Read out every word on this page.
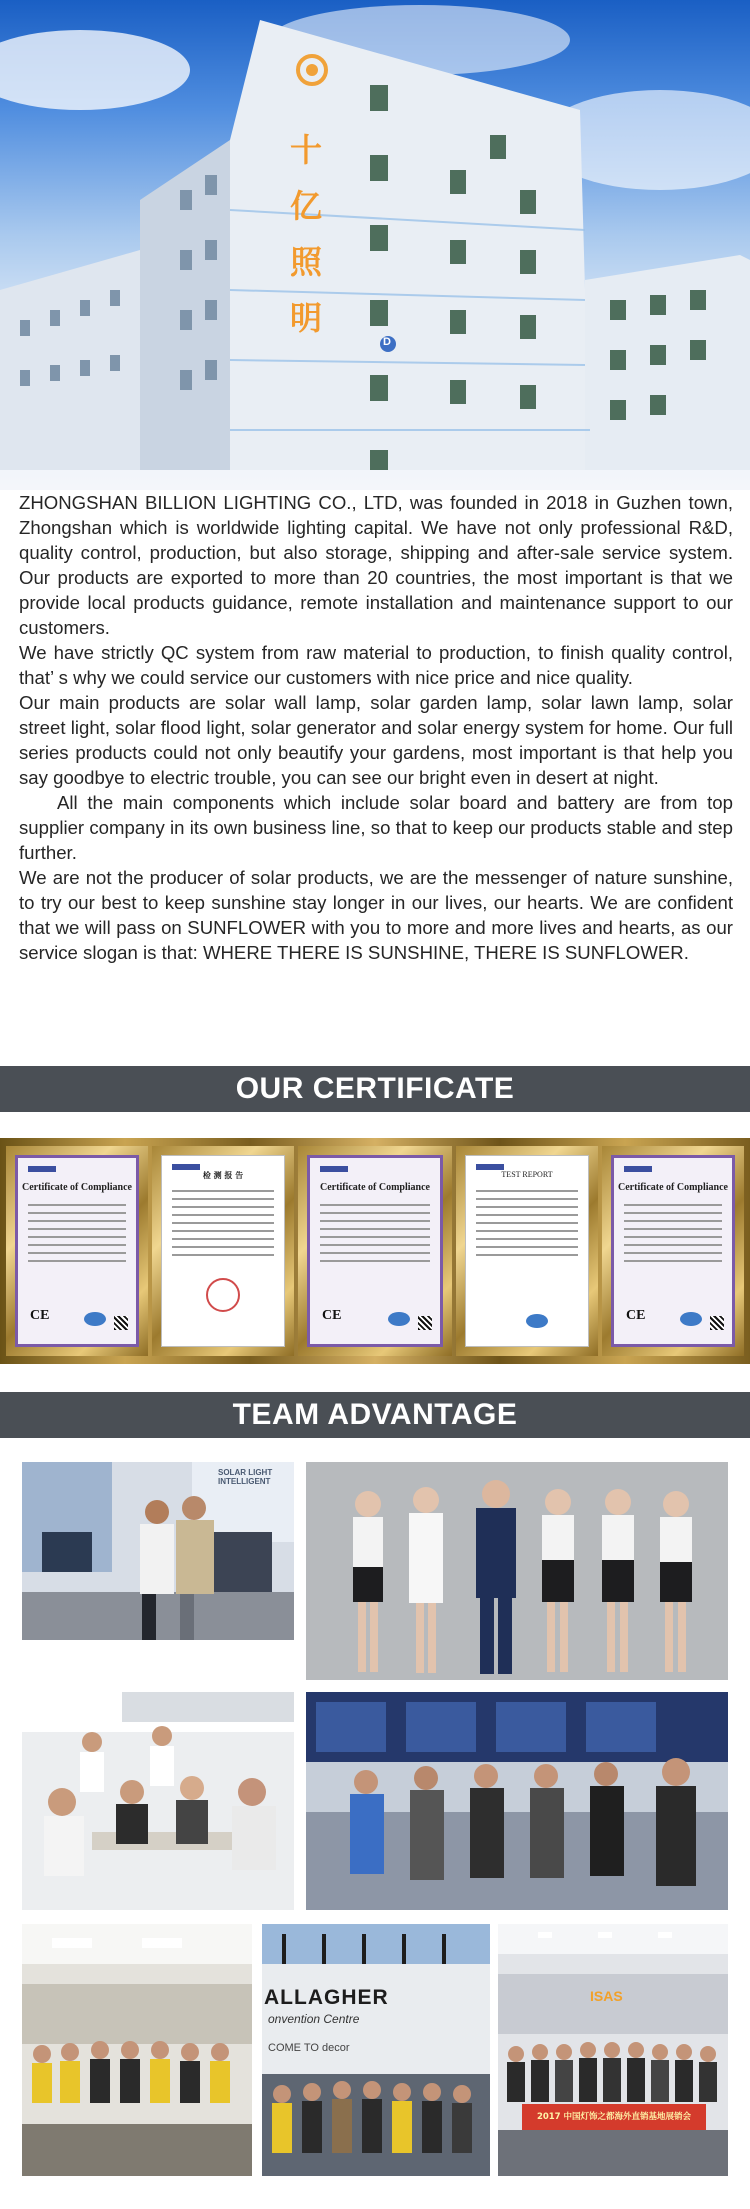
十
亿
照
明
D

ZHONGSHAN BILLION LIGHTING CO., LTD, was founded in 2018 in Guzhen town, Zhongshan which is worldwide lighting capital. We have not only professional R&D, quality control, production, but also storage, shipping and after-sale service system. Our products are exported to more than 20 countries, the most important is that we provide local products guidance, remote installation and maintenance support to our customers.

We have strictly QC system from raw material to production, to finish quality control, that’ s why we could service our customers with nice price and nice quality.

Our main products are solar wall lamp, solar garden lamp, solar lawn lamp, solar street light, solar flood light, solar generator and solar energy system for home. Our full series products could not only beautify your gardens, most important is that help you say goodbye to electric trouble, you can see our bright even in desert at night.

All the main components which include solar board and battery are from top supplier company in its own business line, so that to keep our products stable and step further.

We are not the producer of solar products, we are the messenger of nature sunshine, to try our best to keep sunshine stay longer in our lives, our hearts. We are confident that we will pass on SUNFLOWER with you to more and more lives and hearts, as our service slogan is that: WHERE THERE IS SUNSHINE, THERE IS SUNFLOWER.

OUR CERTIFICATE
Certificate of Compliance
CE
检 测 报 告
Certificate of Compliance
CE
TEST REPORT
Certificate of Compliance
CE
TEAM ADVANTAGE
SOLAR LIGHT INTELLIGENT
ALLAGHER
onvention Centre
COME TO decor
ISAS
2017 中国灯饰之都海外直销基地展销会
